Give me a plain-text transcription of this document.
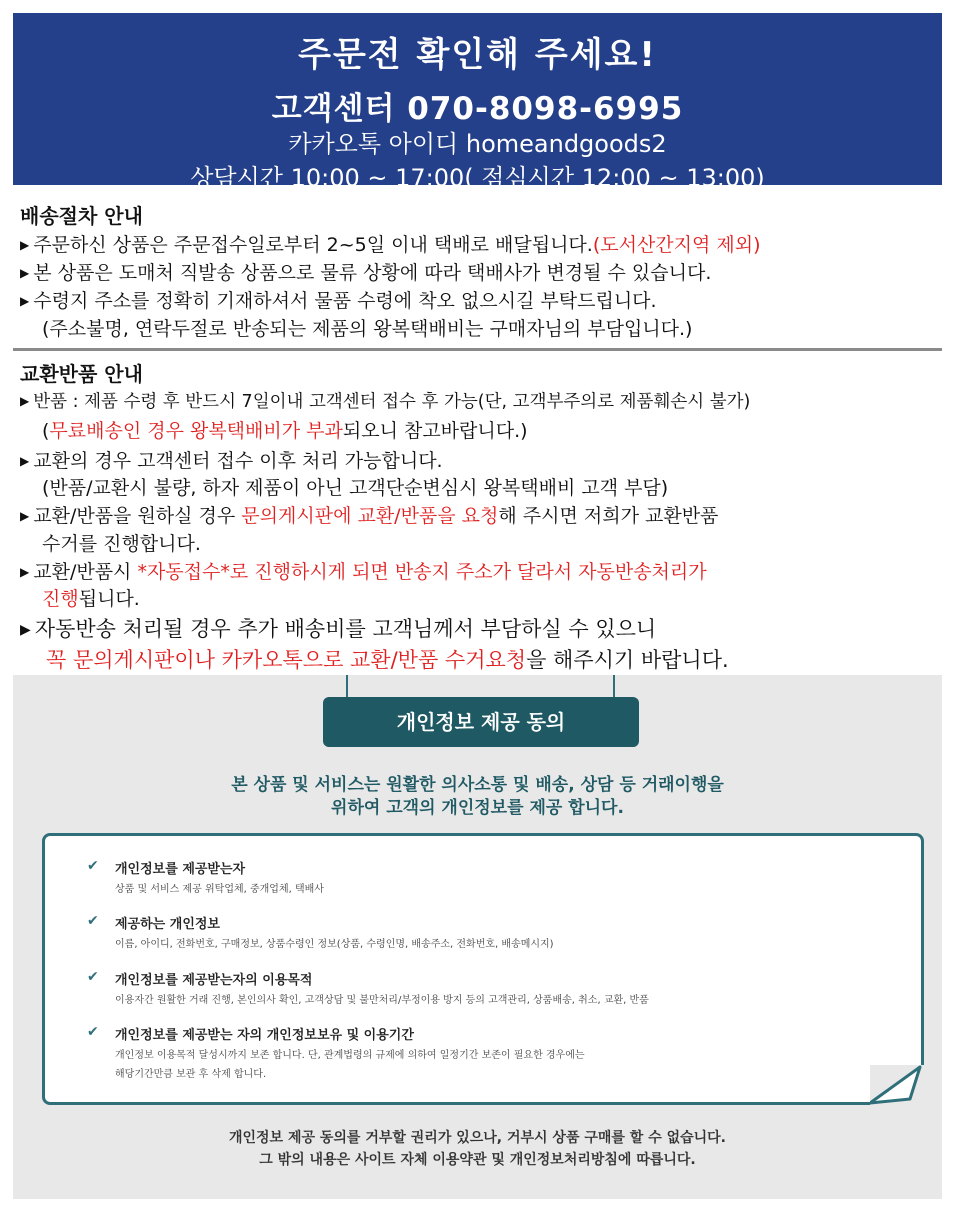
주문전 확인해 주세요!
고객센터 070-8098-6995
카카오톡 아이디 homeandgoods2
상담시간 10:00 ~ 17:00( 점심시간 12:00 ~ 13:00)
배송절차 안내
▶ 주문하신 상품은 주문접수일로부터 2~5일 이내 택배로 배달됩니다.(도서산간지역 제외)
▶ 본 상품은 도매처 직발송 상품으로 물류 상황에 따라 택배사가 변경될 수 있습니다.
▶ 수령지 주소를 정확히 기재하셔서 물품 수령에 착오 없으시길 부탁드립니다.
(주소불명, 연락두절로 반송되는 제품의 왕복택배비는 구매자님의 부담입니다.)
교환반품 안내
▶ 반품 : 제품 수령 후 반드시 7일이내 고객센터 접수 후 가능(단, 고객부주의로 제품훼손시 불가)
(무료배송인 경우 왕복택배비가 부과되오니 참고바랍니다.)
▶ 교환의 경우 고객센터 접수 이후 처리 가능합니다.
(반품/교환시 불량, 하자 제품이 아닌 고객단순변심시 왕복택배비 고객 부담)
▶ 교환/반품을 원하실 경우 문의게시판에 교환/반품을 요청해 주시면 저희가 교환반품
수거를 진행합니다.
▶ 교환/반품시 *자동접수*로 진행하시게 되면 반송지 주소가 달라서 자동반송처리가
진행됩니다.
▶ 자동반송 처리될 경우 추가 배송비를 고객님께서 부담하실 수 있으니
꼭 문의게시판이나 카카오톡으로 교환/반품 수거요청을 해주시기 바랍니다.
개인정보 제공 동의
본 상품 및 서비스는 원활한 의사소통 및 배송, 상담 등 거래이행을
위하여 고객의 개인정보를 제공 합니다.
✔ 개인정보를 제공받는자
상품 및 서비스 제공 위탁업체, 중개업체, 택배사
✔ 제공하는 개인정보
이름, 아이디, 전화번호, 구매정보, 상품수령인 정보(상품, 수령인명, 배송주소, 전화번호, 배송메시지)
✔ 개인정보를 제공받는자의 이용목적
이용자간 원활한 거래 진행, 본인의사 확인, 고객상담 및 불만처리/부정이용 방지 등의 고객관리, 상품배송, 취소, 교환, 반품
✔ 개인정보를 제공받는 자의 개인정보보유 및 이용기간
개인정보 이용목적 달성시까지 보존 합니다. 단, 관계법령의 규제에 의하여 일정기간 보존이 필요한 경우에는
해당기간만큼 보관 후 삭제 합니다.
개인정보 제공 동의를 거부할 권리가 있으나, 거부시 상품 구매를 할 수 없습니다.
그 밖의 내용은 사이트 자체 이용약관 및 개인정보처리방침에 따릅니다.
